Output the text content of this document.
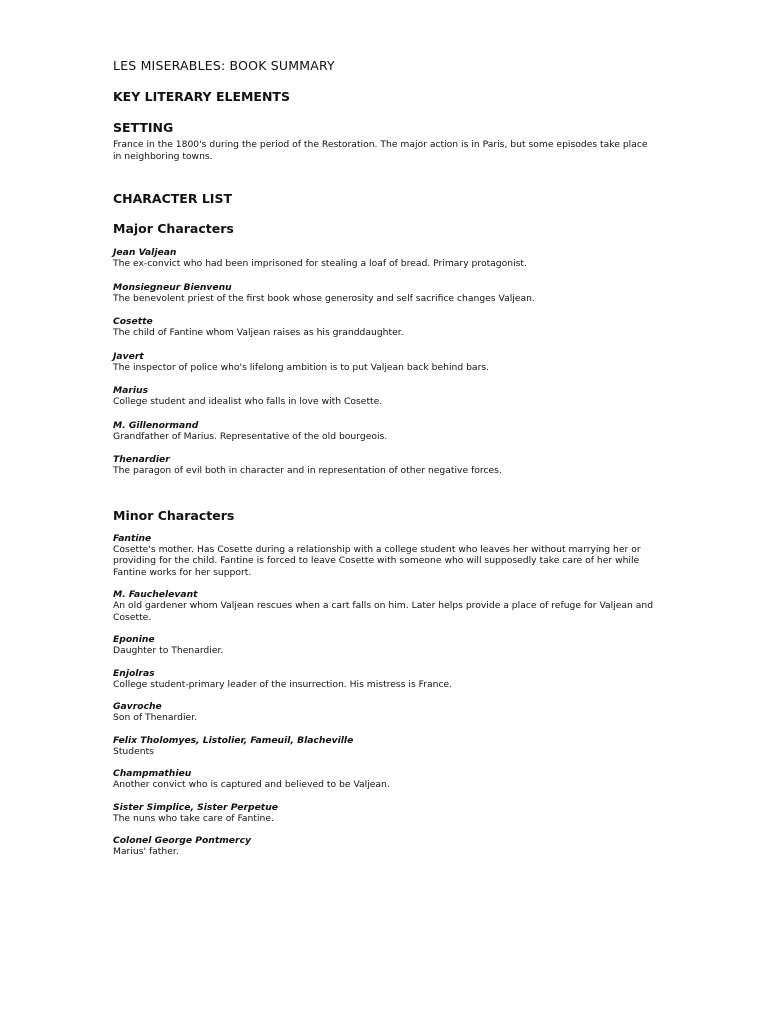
LES MISERABLES: BOOK SUMMARY
KEY LITERARY ELEMENTS
SETTING

France in the 1800's during the period of the Restoration. The major action is in Paris, but some episodes take place in neighboring towns.

CHARACTER LIST
Major Characters

Jean Valjean

The ex-convict who had been imprisoned for stealing a loaf of bread. Primary protagonist.

Monsiegneur Bienvenu

The benevolent priest of the first book whose generosity and self sacrifice changes Valjean.

Cosette

The child of Fantine whom Valjean raises as his granddaughter.

Javert

The inspector of police who's lifelong ambition is to put Valjean back behind bars.

Marius

College student and idealist who falls in love with Cosette.

M. Gillenormand

Grandfather of Marius. Representative of the old bourgeois.

Thenardier

The paragon of evil both in character and in representation of other negative forces.

Minor Characters

Fantine

Cosette's mother. Has Cosette during a relationship with a college student who leaves her without marrying her or providing for the child. Fantine is forced to leave Cosette with someone who will supposedly take care of her while Fantine works for her support.

M. Fauchelevant

An old gardener whom Valjean rescues when a cart falls on him. Later helps provide a place of refuge for Valjean and Cosette.

Eponine

Daughter to Thenardier.

Enjolras

College student-primary leader of the insurrection. His mistress is France.

Gavroche

Son of Thenardier.

Felix Tholomyes, Listolier, Fameuil, Blacheville

Students

Champmathieu

Another convict who is captured and believed to be Valjean.

Sister Simplice, Sister Perpetue

The nuns who take care of Fantine.

Colonel George Pontmercy

Marius' father.
